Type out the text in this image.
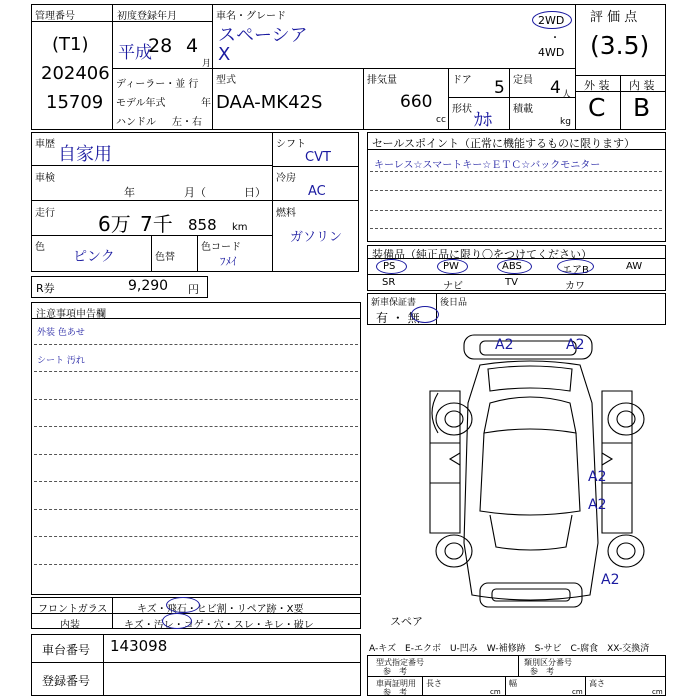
管理番号
(T1)
202406
15709
初度登録年月
平成
28 4
月
車名・グレード
スペーシア
X
2WD
・
4WD
評 価 点
(3.5)
外 装 内 装
C B
ディーラー・並 行
モデル年式	年
ハンドル 左・右
型式
DAA-MK42S
排気量
660
cc
ドア 5 定員 4 人
形状
ｶﾎ
積載
kg
車歴 自家用
車検
年	月（	日）
走行 6万 7千 858 km
色
ピンク	色替
色コード
ﾌﾒｲ
シフト
CVT
冷房
AC
燃料
ガソリン
R券	9,290 円
セールスポイント（正常に機能するものに限ります）
キーレス☆スマートキー☆ＥＴＣ☆バックモニター
装備品（純正品に限り〇をつけてください）
PS	PW	ABS	エアB	AW
SR	ナビ	TV	カワ
新車保証書
有 ・ 無
後日品
注意事項申告欄
外装 色あせ
シート 汚れ
A2	A2
A2
A2
A2
スペア
フロントガラス	キズ・飛石・ヒビ割・リペア跡・X要
内装	キズ・汚レ・コゲ・穴・スレ・キレ・破レ
車台番号 143098
登録番号
A-キズ　E-エクボ　U-凹み　W-補修跡　S-サビ　C-腐食　XX-交換済
型式指定番号
参　考
類別区分番号
参　考
車両証明用
参　考
長さ
cm
幅
cm
高さ
cm
